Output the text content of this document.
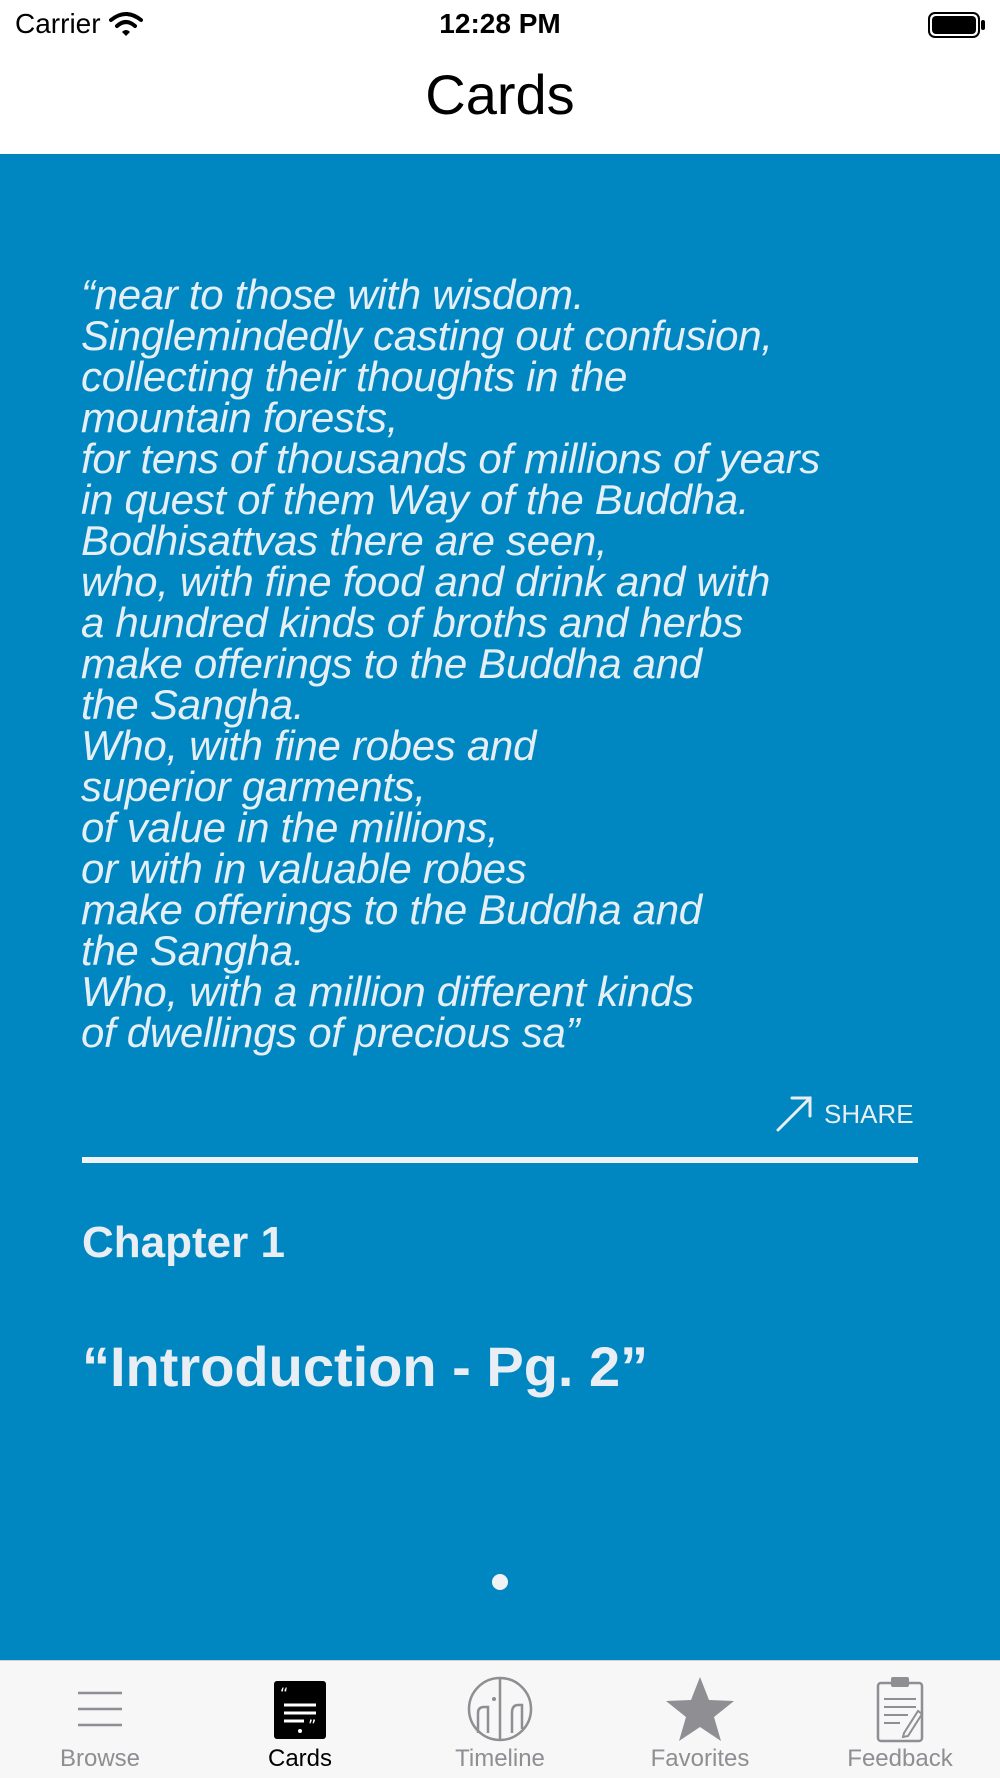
Carrier	12:28 PM
Cards
“near to those with wisdom.
Singlemindedly casting out confusion,
collecting their thoughts in the
mountain forests,
for tens of thousands of millions of years
in quest of them Way of the Buddha.
Bodhisattvas there are seen,
who, with fine food and drink and with
a hundred kinds of broths and herbs
make offerings to the Buddha and
the Sangha.
Who, with fine robes and
superior garments,
of value in the millions,
or with in valuable robes
make offerings to the Buddha and
the Sangha.
Who, with a million different kinds
of dwellings of precious sa”
SHARE
Chapter 1
“Introduction - Pg. 2”
Browse
“
”
Cards	Timeline	Favorites	Feedback
